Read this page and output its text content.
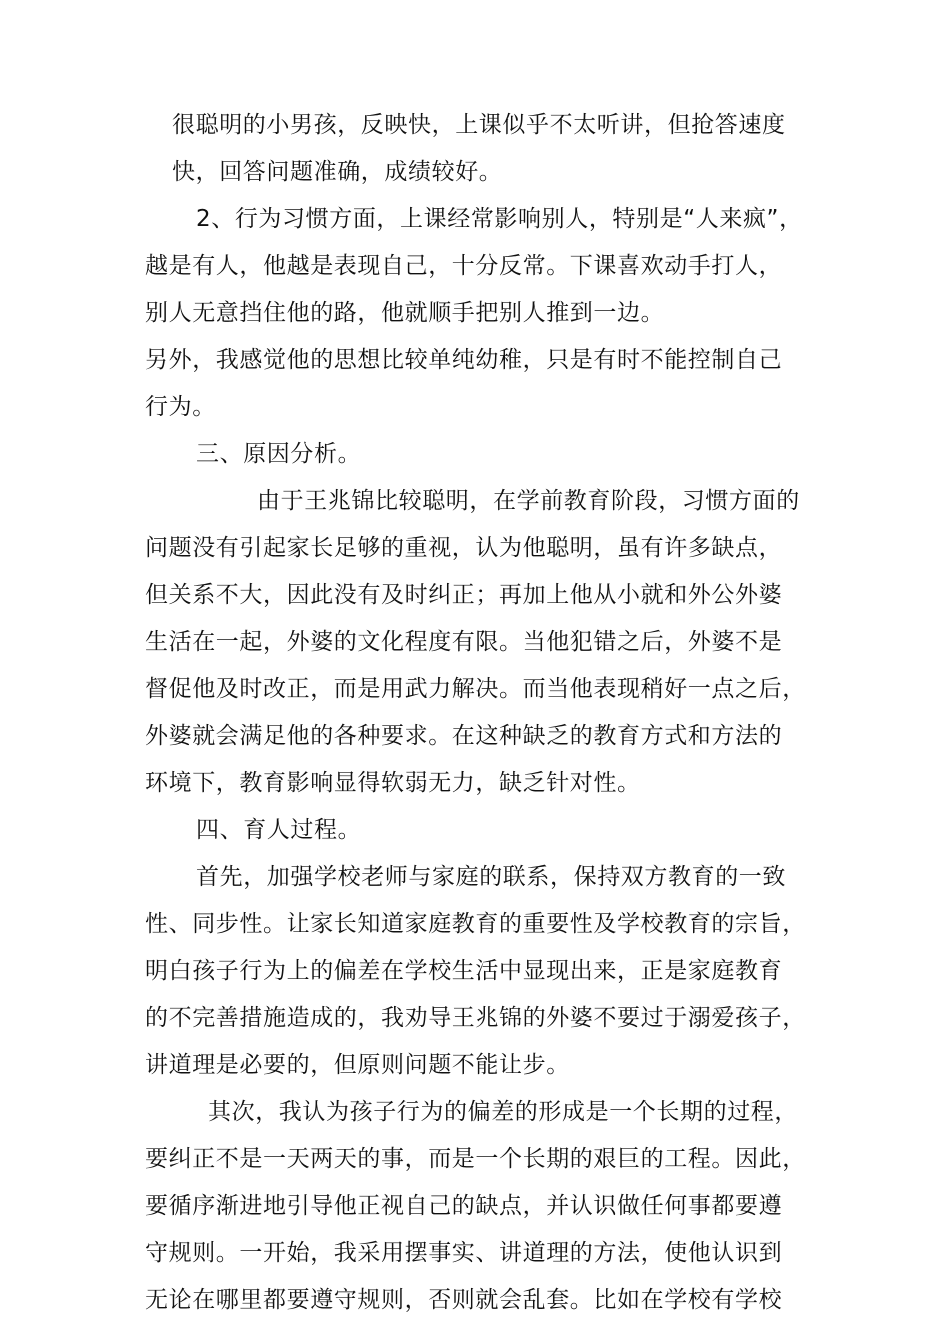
很聪明的小男孩，反映快，上课似乎不太听讲，但抢答速度
快，回答问题准确，成绩较好。
2、行为习惯方面，上课经常影响别人，特别是“人来疯”，
越是有人，他越是表现自己，十分反常。下课喜欢动手打人，
别人无意挡住他的路，他就顺手把别人推到一边。
另外，我感觉他的思想比较单纯幼稚，只是有时不能控制自己
行为。
三、原因分析。
由于王兆锦比较聪明，在学前教育阶段，习惯方面的
问题没有引起家长足够的重视，认为他聪明，虽有许多缺点，
但关系不大，因此没有及时纠正；再加上他从小就和外公外婆
生活在一起，外婆的文化程度有限。当他犯错之后，外婆不是
督促他及时改正，而是用武力解决。而当他表现稍好一点之后，
外婆就会满足他的各种要求。在这种缺乏的教育方式和方法的
环境下，教育影响显得软弱无力，缺乏针对性。
四、育人过程。
首先，加强学校老师与家庭的联系，保持双方教育的一致
性、同步性。让家长知道家庭教育的重要性及学校教育的宗旨，
明白孩子行为上的偏差在学校生活中显现出来，正是家庭教育
的不完善措施造成的，我劝导王兆锦的外婆不要过于溺爱孩子，
讲道理是必要的，但原则问题不能让步。
其次，我认为孩子行为的偏差的形成是一个长期的过程，
要纠正不是一天两天的事，而是一个长期的艰巨的工程。因此，
要循序渐进地引导他正视自己的缺点，并认识做任何事都要遵
守规则。一开始，我采用摆事实、讲道理的方法，使他认识到
无论在哪里都要遵守规则，否则就会乱套。比如在学校有学校
